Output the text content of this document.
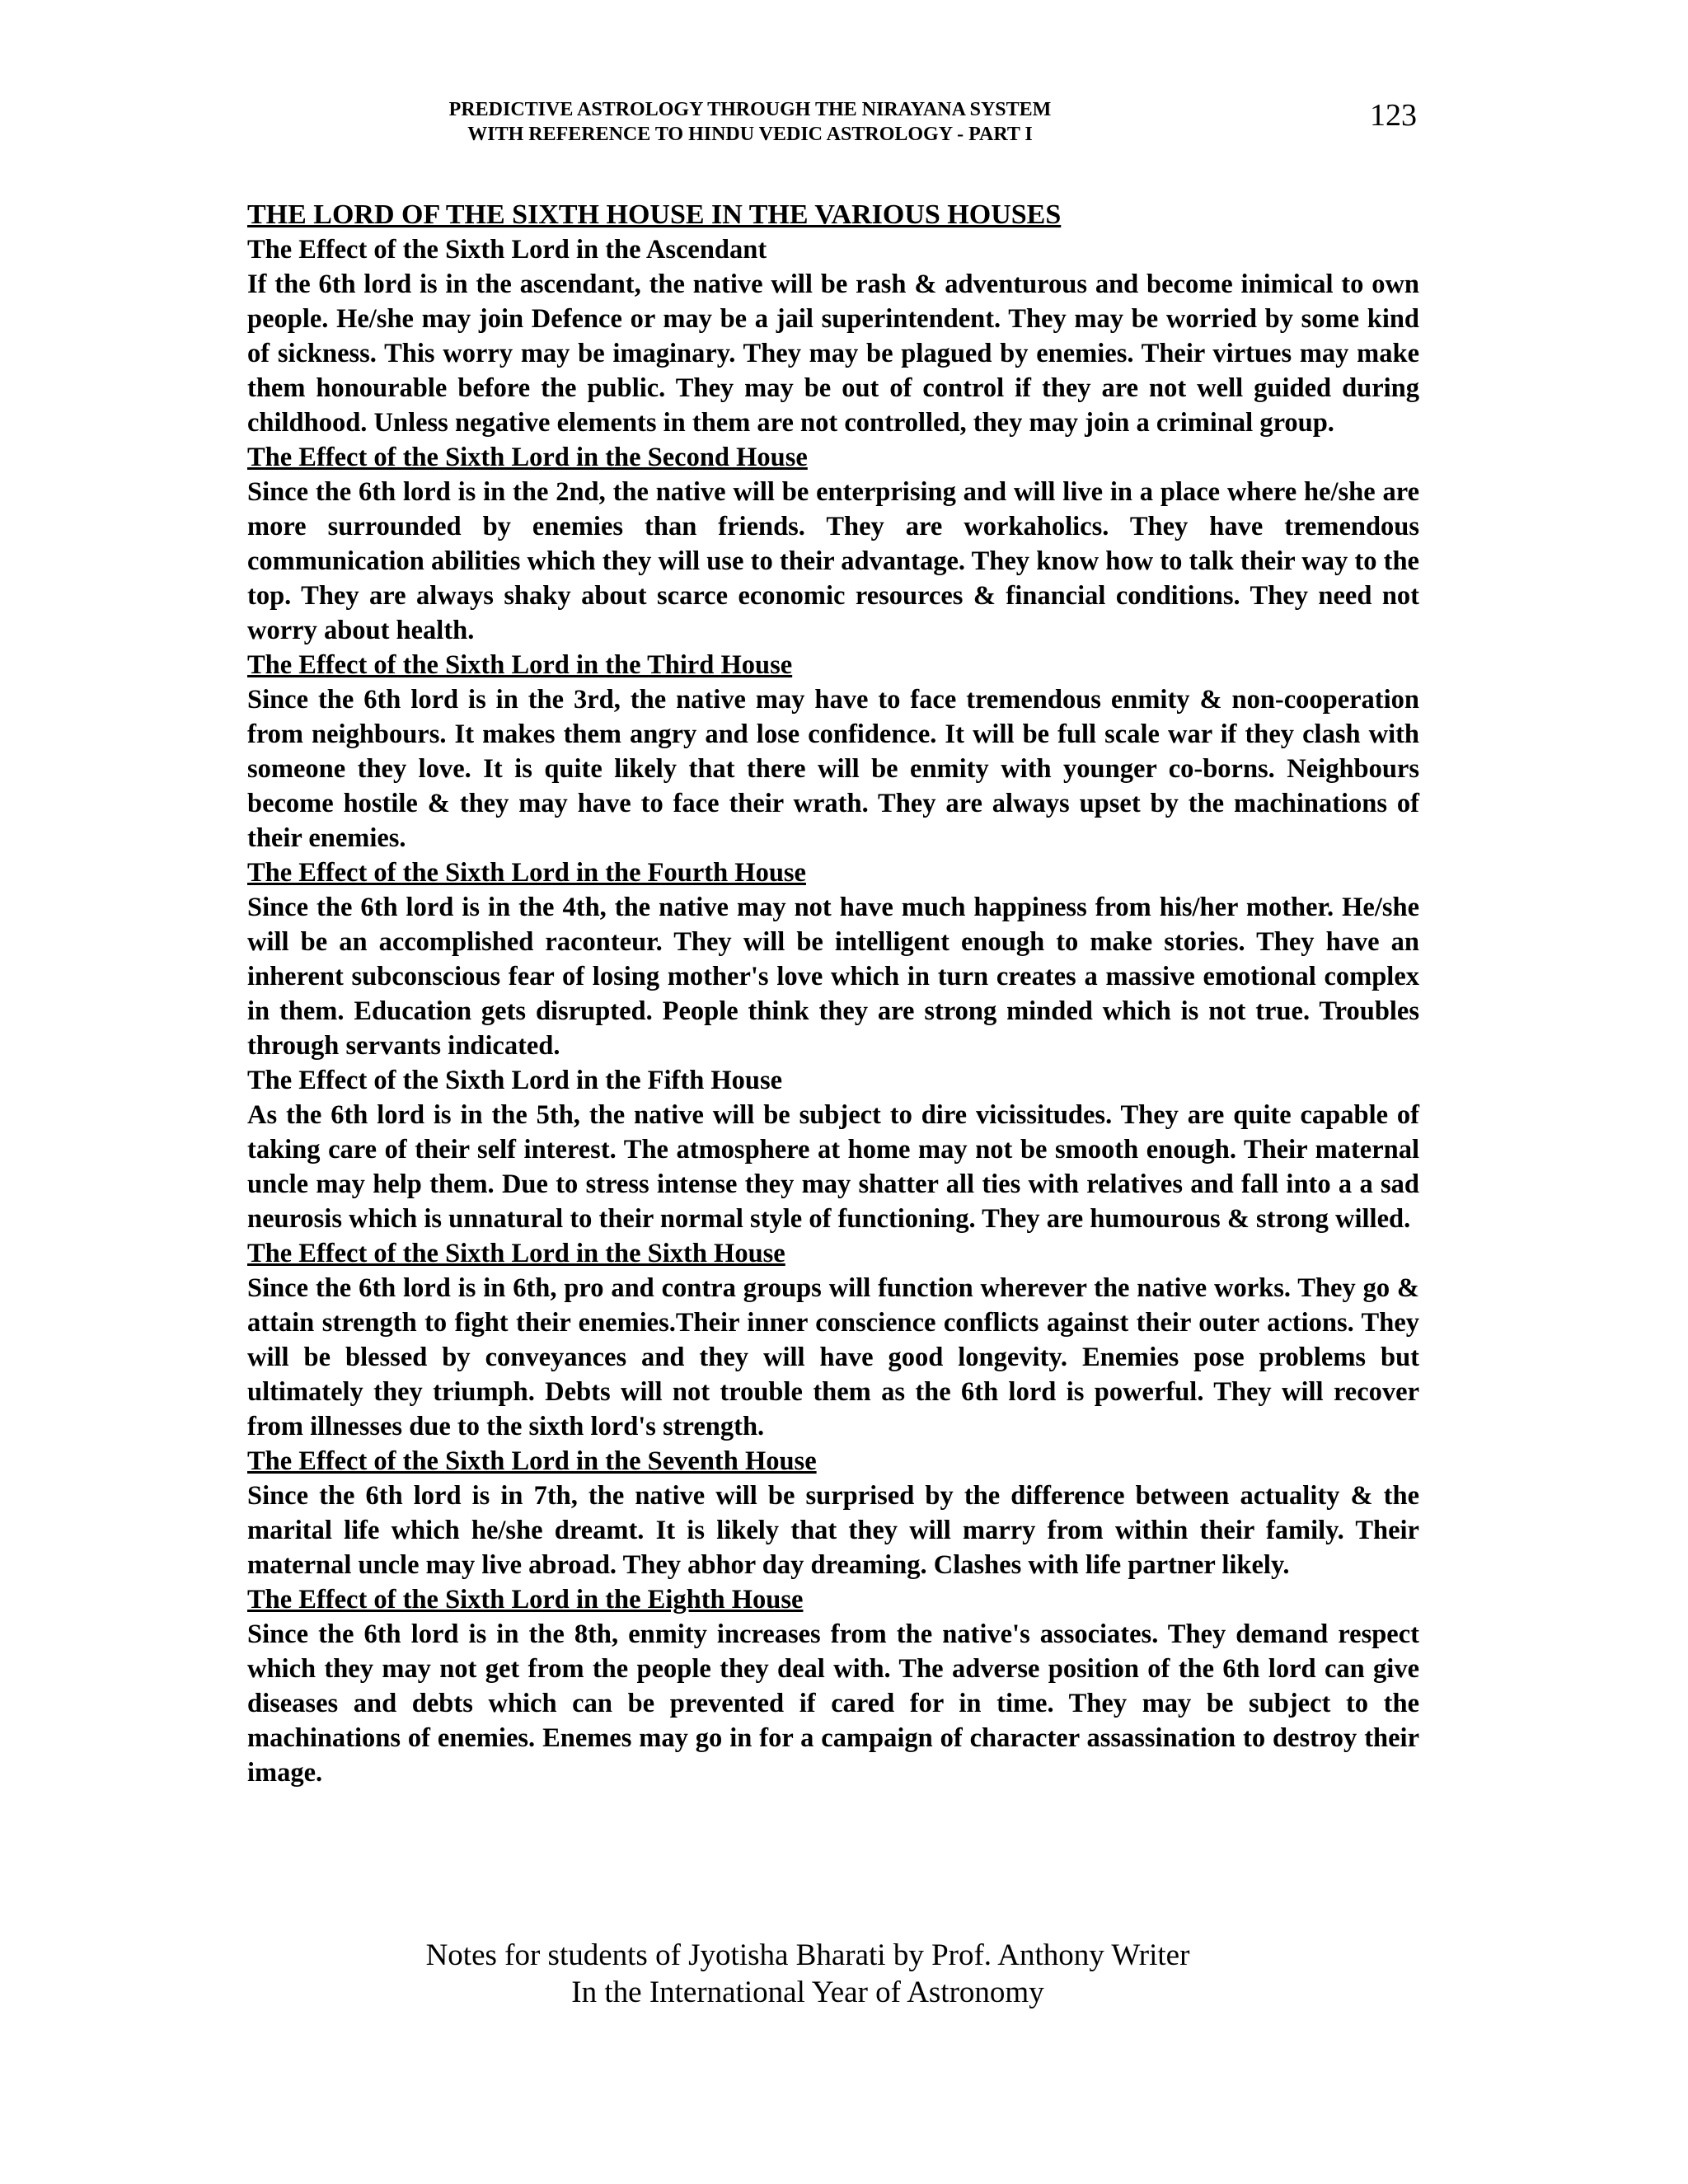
PREDICTIVE ASTROLOGY THROUGH THE NIRAYANA SYSTEM
WITH REFERENCE TO HINDU VEDIC ASTROLOGY - PART I
123
THE LORD OF THE SIXTH HOUSE IN THE VARIOUS HOUSES
The Effect of the Sixth Lord in the Ascendant
If the 6th lord is in the ascendant, the native will be rash & adventurous and become inimical to own people. He/she may join Defence or may be a jail superintendent. They may be worried by some kind of sickness. This worry may be imaginary. They may be plagued by enemies. Their virtues may make them honourable before the public. They may be out of control if they are not well guided during childhood. Unless negative elements in them are not controlled, they may join a criminal group.
The Effect of the Sixth Lord in the Second House
Since the 6th lord is in the 2nd, the native will be enterprising and will live in a place where he/she are more surrounded by enemies than friends. They are workaholics. They have tremendous communication abilities which they will use to their advantage. They know how to talk their way to the top. They are always shaky about scarce economic resources & financial conditions. They need not worry about health.
The Effect of the Sixth Lord in the Third House
Since the 6th lord is in the 3rd, the native may have to face tremendous enmity & non-cooperation from neighbours. It makes them angry and lose confidence. It will be full scale war if they clash with someone they love. It is quite likely that there will be enmity with younger co-borns. Neighbours become hostile & they may have to face their wrath. They are always upset by the machinations of their enemies.
The Effect of the Sixth Lord in the Fourth House
Since the 6th lord is in the 4th, the native may not have much happiness from his/her mother. He/she will be an accomplished raconteur. They will be intelligent enough to make stories. They have an inherent subconscious fear of losing mother's love which in turn creates a massive emotional complex in them. Education gets disrupted. People think they are strong minded which is not true. Troubles through servants indicated.
The Effect of the Sixth Lord in the Fifth House
As the 6th lord is in the 5th, the native will be subject to dire vicissitudes. They are quite capable of taking care of their self interest. The atmosphere at home may not be smooth enough. Their maternal uncle may help them. Due to stress intense they may shatter all ties with relatives and fall into a a sad neurosis which is unnatural to their normal style of functioning. They are humourous & strong willed.
The Effect of the Sixth Lord in the Sixth House
Since the 6th lord is in 6th, pro and contra groups will function wherever the native works. They go & attain strength to fight their enemies.Their inner conscience conflicts against their outer actions. They will be blessed by conveyances and they will have good longevity. Enemies pose problems but ultimately they triumph. Debts will not trouble them as the 6th lord is powerful. They will recover from illnesses due to the sixth lord's strength.
The Effect of the Sixth Lord in the Seventh House
Since the 6th lord is in 7th, the native will be surprised by the difference between actuality & the marital life which he/she dreamt. It is likely that they will marry from within their family. Their maternal uncle may live abroad. They abhor day dreaming. Clashes with life partner likely.
The Effect of the Sixth Lord in the Eighth House
Since the 6th lord is in the 8th, enmity increases from the native's associates. They demand respect which they may not get from the people they deal with. The adverse position of the 6th lord can give diseases and debts which can be prevented if cared for in time. They may be subject to the machinations of enemies. Enemes may go in for a campaign of character assassination to destroy their image.
Notes for students of Jyotisha Bharati by Prof. Anthony Writer
In the International Year of Astronomy
